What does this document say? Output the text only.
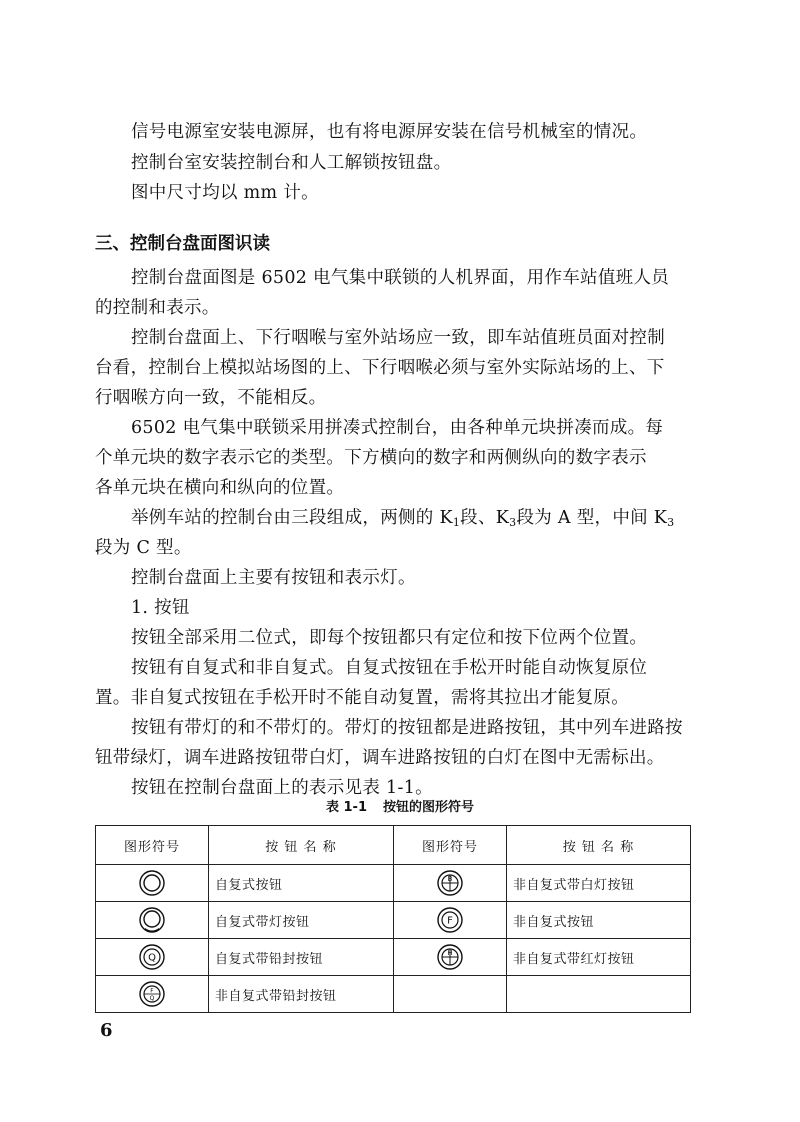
信号电源室安装电源屏，也有将电源屏安装在信号机械室的情况。
控制台室安装控制台和人工解锁按钮盘。
图中尺寸均以 mm 计。
三、控制台盘面图识读
控制台盘面图是 6502 电气集中联锁的人机界面，用作车站值班人员
的控制和表示。
控制台盘面上、下行咽喉与室外站场应一致，即车站值班员面对控制
台看，控制台上模拟站场图的上、下行咽喉必须与室外实际站场的上、下
行咽喉方向一致，不能相反。
6502 电气集中联锁采用拼凑式控制台，由各种单元块拼凑而成。每
个单元块的数字表示它的类型。下方横向的数字和两侧纵向的数字表示
各单元块在横向和纵向的位置。
举例车站的控制台由三段组成，两侧的 $K_1$段、$K_3$段为 A 型，中间 $K_3$
段为 C 型。
控制台盘面上主要有按钮和表示灯。
1. 按钮
按钮全部采用二位式，即每个按钮都只有定位和按下位两个位置。
按钮有自复式和非自复式。自复式按钮在手松开时能自动恢复原位
置。非自复式按钮在手松开时不能自动复置，需将其拉出才能复原。
按钮有带灯的和不带灯的。带灯的按钮都是进路按钮，其中列车进路按
钮带绿灯，调车进路按钮带白灯，调车进路按钮的白灯在图中无需标出。
按钮在控制台盘面上的表示见表 1-1。
表 1-1 按钮的图形符号
图形符号	按 钮 名 称	图形符号	按 钮 名 称

	自复式按钮	B	非自复式带白灯按钮

	自复式带灯按钮	F	非自复式按钮

Q	自复式带铅封按钮	H	非自复式带红灯按钮

F
Q	非自复式带铅封按钮		
6
